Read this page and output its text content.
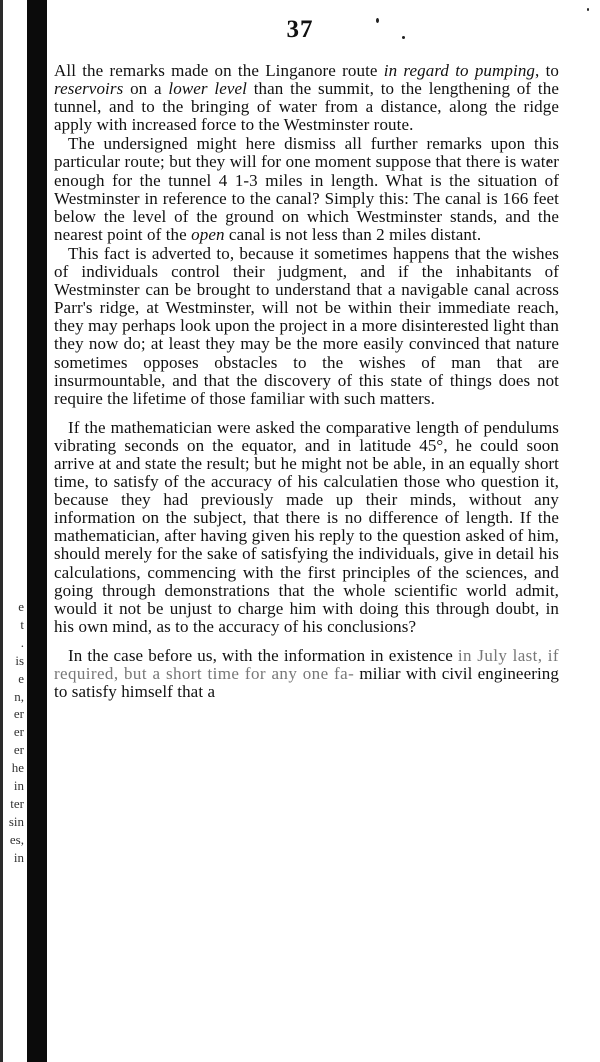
e
t
.
is
e
n,
er
er
er
he
in
ter
sin
es,
in
37

All the remarks made on the Linganore route in regard to pumping, to reservoirs on a lower level than the summit, to the lengthening of the tunnel, and to the bringing of water from a distance, along the ridge apply with increased force to the Westminster route.

The undersigned might here dismiss all further remarks upon this particular route; but they will for one moment suppose that there is water enough for the tunnel 4 1-3 miles in length. What is the situation of Westminster in reference to the canal? Simply this: The canal is 166 feet below the level of the ground on which Westminster stands, and the nearest point of the open canal is not less than 2 miles distant.

This fact is adverted to, because it sometimes happens that the wishes of individuals control their judgment, and if the inhabitants of Westminster can be brought to understand that a navigable canal across Parr's ridge, at Westminster, will not be within their immediate reach, they may perhaps look upon the project in a more disinterested light than they now do; at least they may be the more easily convinced that nature sometimes opposes obstacles to the wishes of man that are insurmountable, and that the discovery of this state of things does not require the lifetime of those familiar with such matters.

If the mathematician were asked the comparative length of pendulums vibrating seconds on the equator, and in latitude 45°, he could soon arrive at and state the result; but he might not be able, in an equally short time, to satisfy of the accuracy of his calculatien those who question it, because they had previously made up their minds, without any information on the subject, that there is no difference of length. If the mathematician, after having given his reply to the question asked of him, should merely for the sake of satisfying the individuals, give in detail his calculations, commencing with the first principles of the sciences, and going through demonstrations that the whole scientific world admit, would it not be unjust to charge him with doing this through doubt, in his own mind, as to the accuracy of his conclusions?

In the case before us, with the information in existence in July last, if required, but a short time for any one fa- miliar with civil engineering to satisfy himself that a
